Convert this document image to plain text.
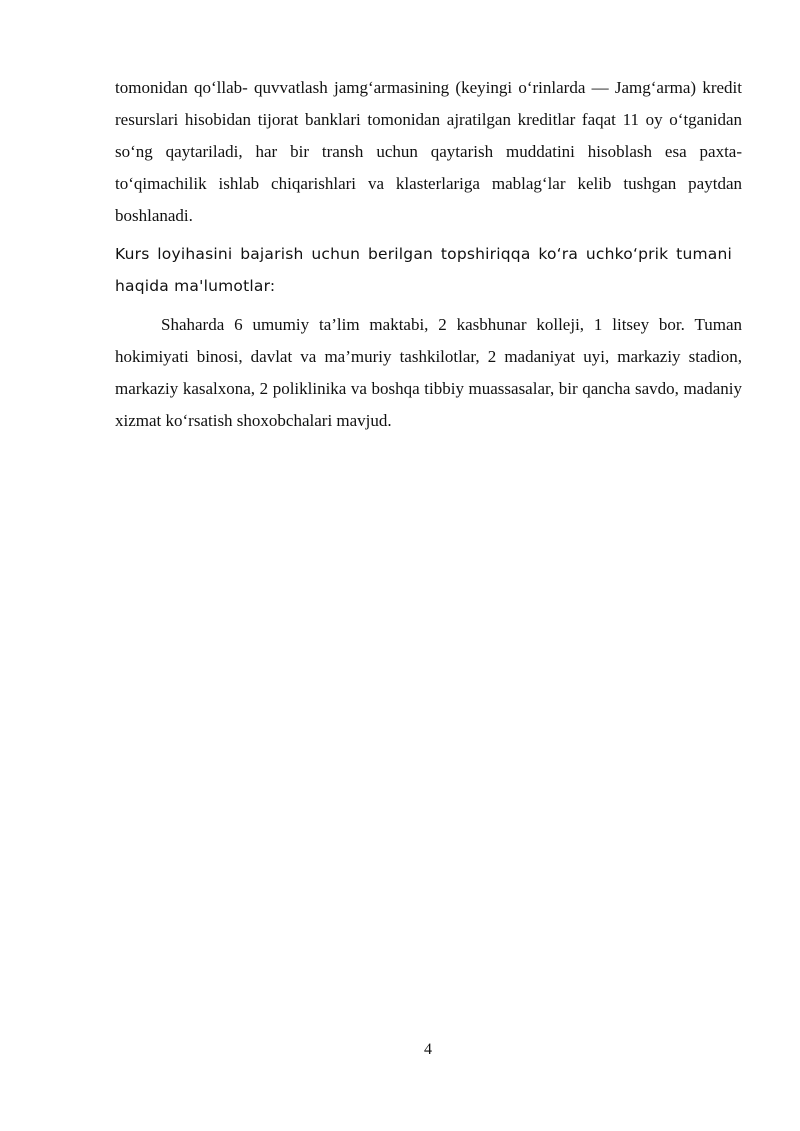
tomonidan qo‘llab- quvvatlash jamg‘armasining (keyingi o‘rinlarda — Jamg‘arma) kredit resurslari hisobidan tijorat banklari tomonidan ajratilgan kreditlar faqat 11 oy o‘tganidan so‘ng qaytariladi, har bir transh uchun qaytarish muddatini hisoblash esa paxta-to‘qimachilik ishlab chiqarishlari va klasterlariga mablag‘lar kelib tushgan paytdan boshlanadi.

Kurs loyihasini bajarish uchun berilgan topshiriqqa ko‘ra uchko‘prik tumani haqida ma'lumotlar:

Shaharda 6 umumiy ta’lim maktabi, 2 kasbhunar kolleji, 1 litsey bor. Tuman hokimiyati binosi, davlat va ma’muriy tashkilotlar, 2 madaniyat uyi, markaziy stadion, markaziy kasalxona, 2 poliklinika va boshqa tibbiy muassasalar, bir qancha savdo, madaniy xizmat ko‘rsatish shoxobchalari mavjud.

4
